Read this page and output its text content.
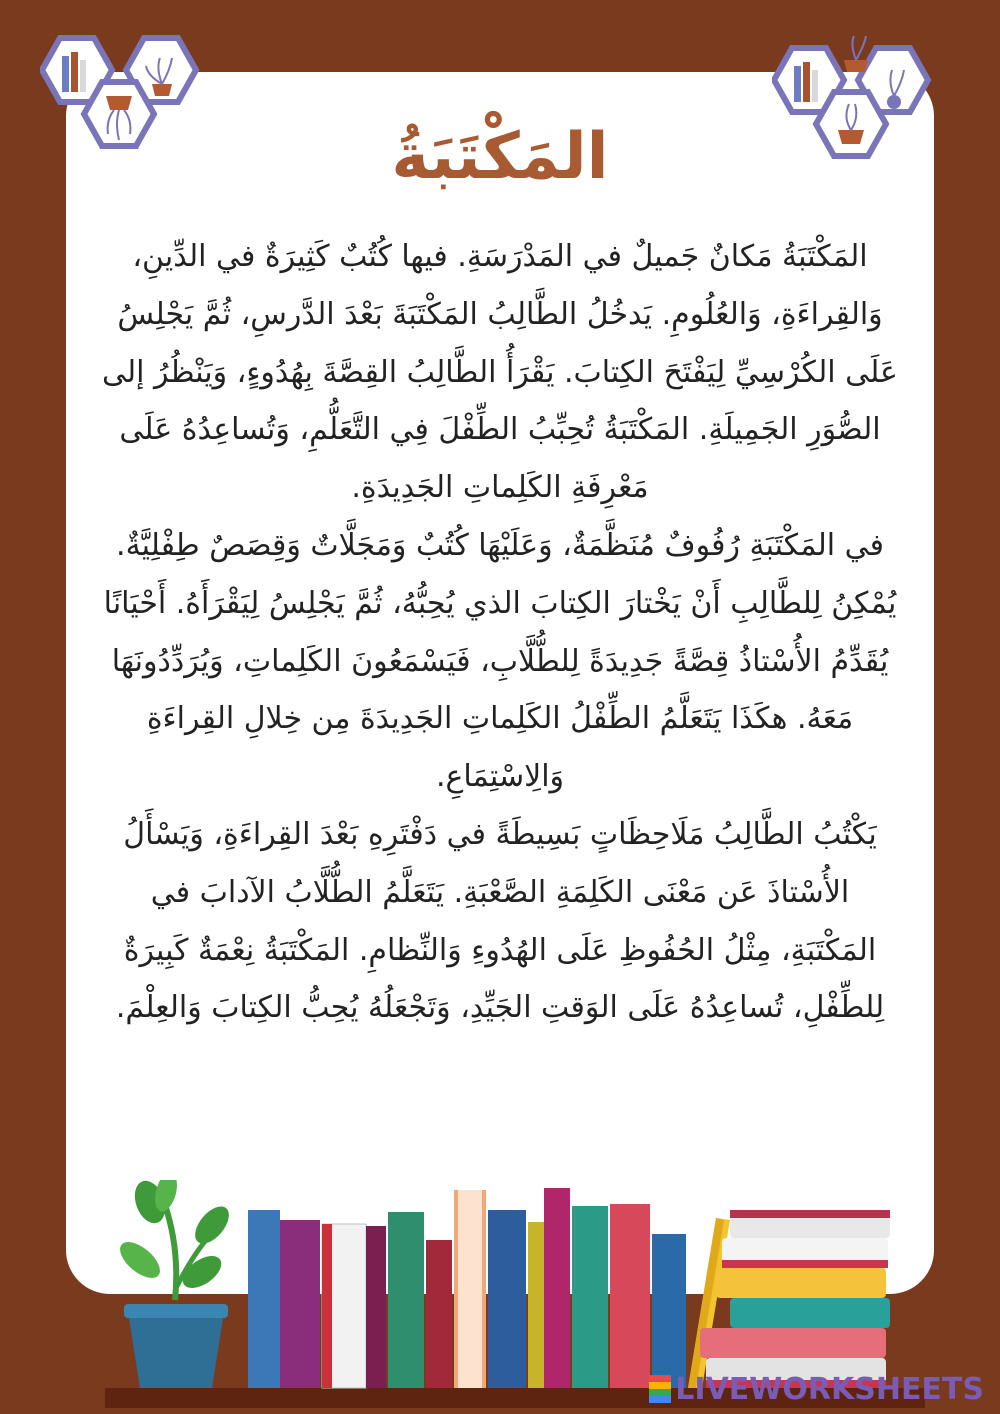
المَكْتَبَةُ

المَكْتَبَةُ مَكانٌ جَميلٌ في المَدْرَسَةِ. فيها كُتُبٌ كَثِيرَةٌ في الدِّينِ، وَالقِراءَةِ، وَالعُلُومِ. يَدخُلُ الطَّالِبُ المَكْتَبَةَ بَعْدَ الدَّرسِ، ثُمَّ يَجْلِسُ عَلَى الكُرْسِيِّ لِيَفْتَحَ الكِتابَ. يَقْرَأُ الطَّالِبُ القِصَّةَ بِهُدُوءٍ، وَيَنْظُرُ إلى الصُّوَرِ الجَمِيلَةِ. المَكْتَبَةُ تُحِبِّبُ الطِّفْلَ فِي التَّعَلُّمِ، وَتُساعِدُهُ عَلَى مَعْرِفَةِ الكَلِماتِ الجَدِيدَةِ.

في المَكْتَبَةِ رُفُوفٌ مُنَظَّمَةٌ، وَعَلَيْهَا كُتُبٌ وَمَجَلَّاتٌ وَقِصَصٌ طِفْلِيَّةٌ. يُمْكِنُ لِلطَّالِبِ أَنْ يَخْتارَ الكِتابَ الذي يُحِبُّهُ، ثُمَّ يَجْلِسُ لِيَقْرَأَهُ. أَحْيَانًا يُقَدِّمُ الأُسْتاذُ قِصَّةً جَدِيدَةً لِلطُّلَّابِ، فَيَسْمَعُونَ الكَلِماتِ، وَيُرَدِّدُونَهَا مَعَهُ. هكَذَا يَتَعَلَّمُ الطِّفْلُ الكَلِماتِ الجَدِيدَةَ مِن خِلالِ القِراءَةِ وَالِاسْتِمَاعِ.

يَكْتُبُ الطَّالِبُ مَلَاحِظَاتٍ بَسِيطَةً في دَفْتَرِهِ بَعْدَ القِراءَةِ، وَيَسْأَلُ الأُسْتاذَ عَن مَعْنَى الكَلِمَةِ الصَّعْبَةِ. يَتَعَلَّمُ الطُّلَّابُ الآدابَ في المَكْتَبَةِ، مِثْلُ الحُفُوظِ عَلَى الهُدُوءِ وَالنِّظامِ. المَكْتَبَةُ نِعْمَةٌ كَبِيرَةٌ لِلطِّفْلِ، تُساعِدُهُ عَلَى الوَقتِ الجَيِّدِ، وَتَجْعَلُهُ يُحِبُّ الكِتابَ وَالعِلْمَ.

LIVEWORKSHEETS
